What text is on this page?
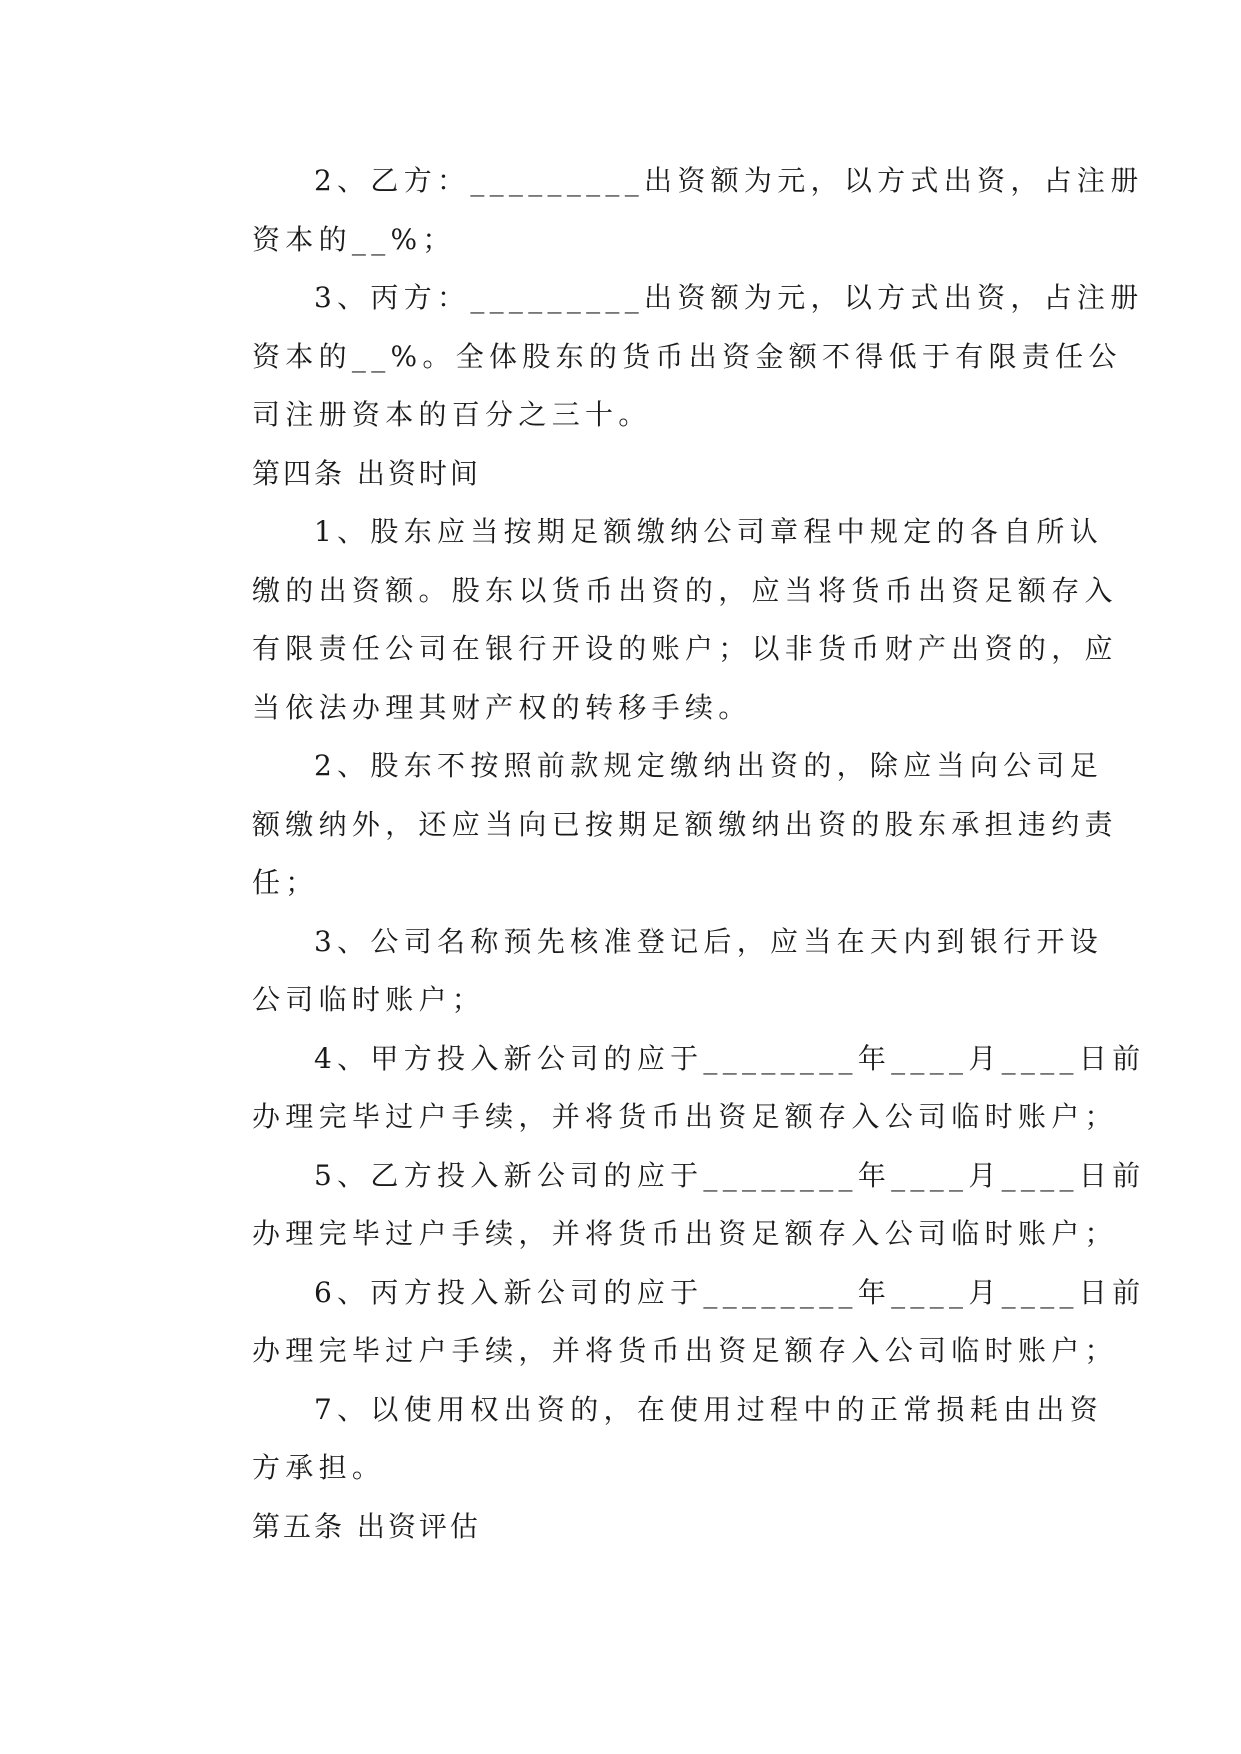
2、乙方：_________出资额为元，以方式出资，占注册
资本的__%；
3、丙方：_________出资额为元，以方式出资，占注册
资本的__%。全体股东的货币出资金额不得低于有限责任公
司注册资本的百分之三十。
第四条 出资时间
1、股东应当按期足额缴纳公司章程中规定的各自所认
缴的出资额。股东以货币出资的，应当将货币出资足额存入
有限责任公司在银行开设的账户；以非货币财产出资的，应
当依法办理其财产权的转移手续。
2、股东不按照前款规定缴纳出资的，除应当向公司足
额缴纳外，还应当向已按期足额缴纳出资的股东承担违约责
任；
3、公司名称预先核准登记后，应当在天内到银行开设
公司临时账户；
4、甲方投入新公司的应于________年____月____日前
办理完毕过户手续，并将货币出资足额存入公司临时账户；
5、乙方投入新公司的应于________年____月____日前
办理完毕过户手续，并将货币出资足额存入公司临时账户；
6、丙方投入新公司的应于________年____月____日前
办理完毕过户手续，并将货币出资足额存入公司临时账户；
7、以使用权出资的，在使用过程中的正常损耗由出资
方承担。
第五条 出资评估
